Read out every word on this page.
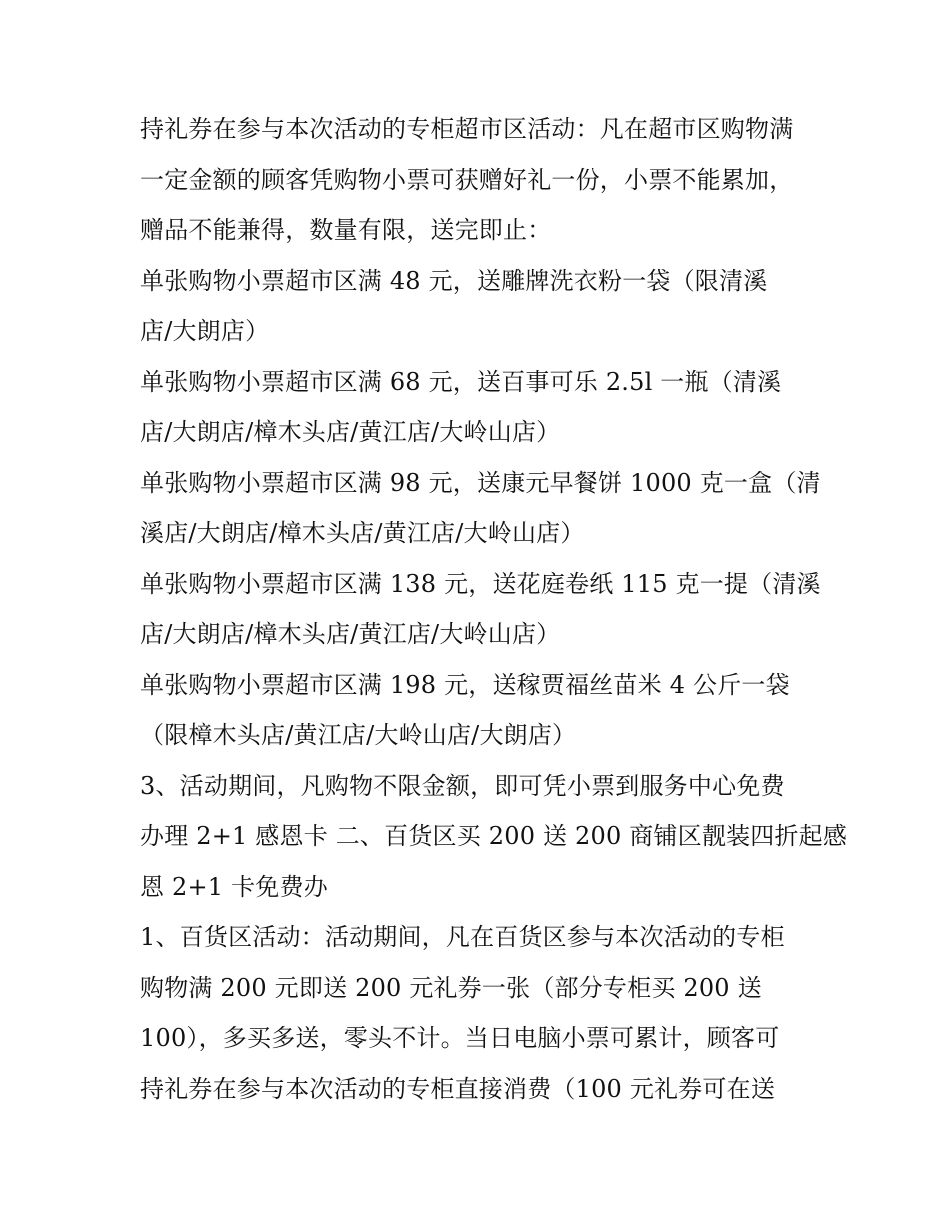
持礼券在参与本次活动的专柜超市区活动：凡在超市区购物满
一定金额的顾客凭购物小票可获赠好礼一份，小票不能累加，
赠品不能兼得，数量有限，送完即止：
单张购物小票超市区满 48 元，送雕牌洗衣粉一袋（限清溪
店/大朗店）
单张购物小票超市区满 68 元，送百事可乐 2.5l 一瓶（清溪
店/大朗店/樟木头店/黄江店/大岭山店）
单张购物小票超市区满 98 元，送康元早餐饼 1000 克一盒（清
溪店/大朗店/樟木头店/黄江店/大岭山店）
单张购物小票超市区满 138 元，送花庭卷纸 115 克一提（清溪
店/大朗店/樟木头店/黄江店/大岭山店）
单张购物小票超市区满 198 元，送稼贾福丝苗米 4 公斤一袋
（限樟木头店/黄江店/大岭山店/大朗店）
3、活动期间，凡购物不限金额，即可凭小票到服务中心免费
办理 2+1 感恩卡 二、百货区买 200 送 200 商铺区靓装四折起感
恩 2+1 卡免费办
1、百货区活动：活动期间，凡在百货区参与本次活动的专柜
购物满 200 元即送 200 元礼券一张（部分专柜买 200 送
100），多买多送，零头不计。当日电脑小票可累计，顾客可
持礼券在参与本次活动的专柜直接消费（100 元礼券可在送
